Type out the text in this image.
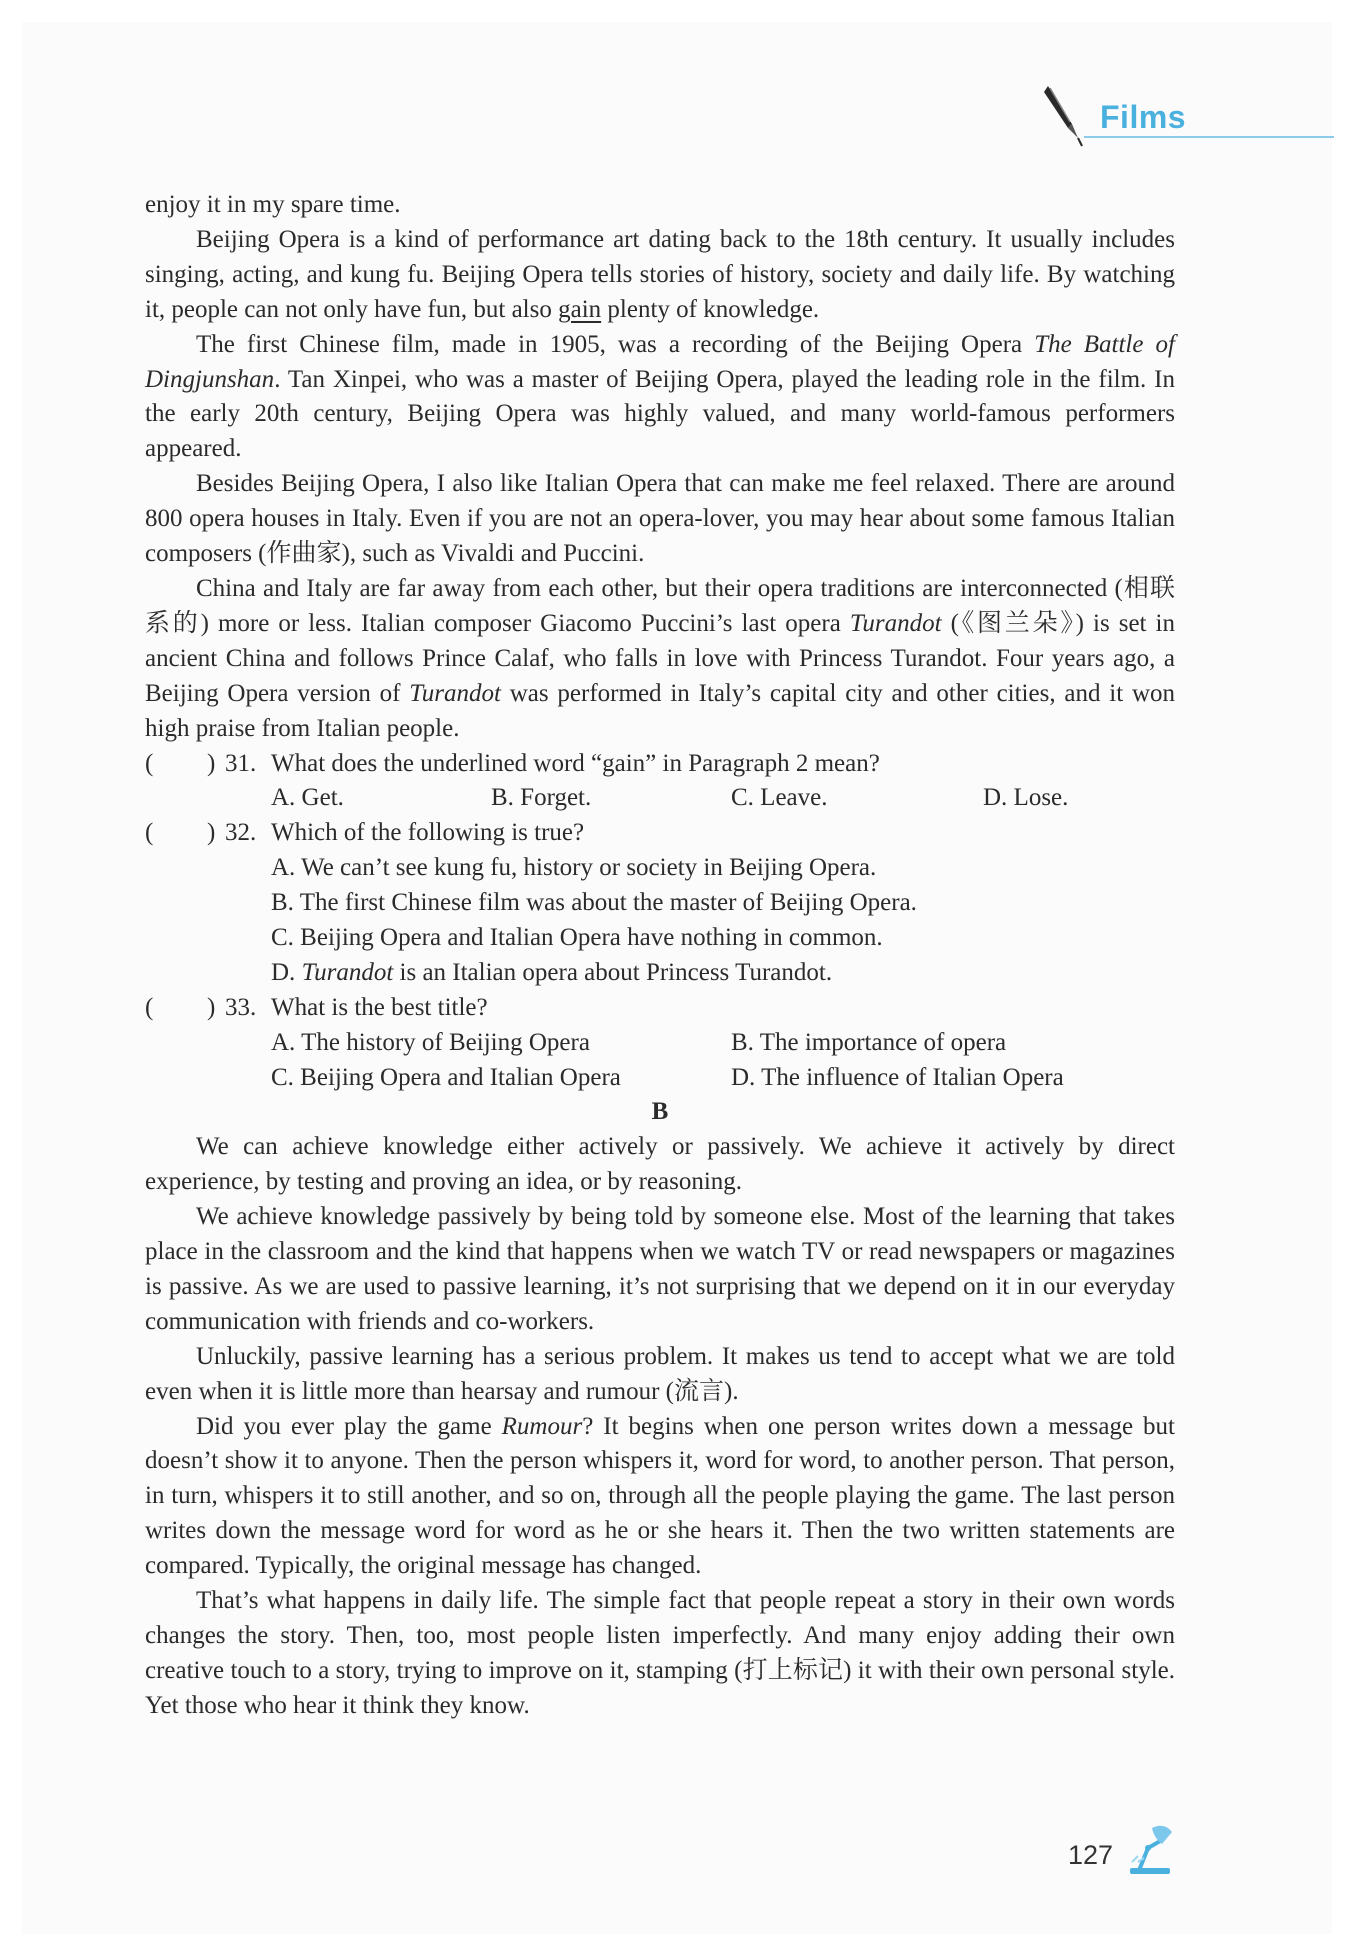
Films

enjoy it in my spare time.

Beijing Opera is a kind of performance art dating back to the 18th century. It usually includes singing, acting, and kung fu. Beijing Opera tells stories of history, society and daily life. By watching it, people can not only have fun, but also gain plenty of knowledge.

The first Chinese film, made in 1905, was a recording of the Beijing Opera The Battle of Dingjunshan. Tan Xinpei, who was a master of Beijing Opera, played the leading role in the film. In the early 20th century, Beijing Opera was highly valued, and many world-famous performers appeared.

Besides Beijing Opera, I also like Italian Opera that can make me feel relaxed. There are around 800 opera houses in Italy. Even if you are not an opera-lover, you may hear about some famous Italian composers (作曲家), such as Vivaldi and Puccini.

China and Italy are far away from each other, but their opera traditions are interconnected (相联系的) more or less. Italian composer Giacomo Puccini’s last opera Turandot (《图兰朵》) is set in ancient China and follows Prince Calaf, who falls in love with Princess Turandot. Four years ago, a Beijing Opera version of Turandot was performed in Italy’s capital city and other cities, and it won high praise from Italian people.

( ) 31. What does the underlined word “gain” in Paragraph 2 mean?
A. Get.	B. Forget.	C. Leave.	D. Lose.
( ) 32. Which of the following is true?
A. We can’t see kung fu, history or society in Beijing Opera.
B. The first Chinese film was about the master of Beijing Opera.
C. Beijing Opera and Italian Opera have nothing in common.
D. Turandot is an Italian opera about Princess Turandot.
( ) 33. What is the best title?
A. The history of Beijing Opera	B. The importance of opera
C. Beijing Opera and Italian Opera	D. The influence of Italian Opera
B

We can achieve knowledge either actively or passively. We achieve it actively by direct experience, by testing and proving an idea, or by reasoning.

We achieve knowledge passively by being told by someone else. Most of the learning that takes place in the classroom and the kind that happens when we watch TV or read newspapers or magazines is passive. As we are used to passive learning, it’s not surprising that we depend on it in our everyday communication with friends and co-workers.

Unluckily, passive learning has a serious problem. It makes us tend to accept what we are told even when it is little more than hearsay and rumour (流言).

Did you ever play the game Rumour? It begins when one person writes down a message but doesn’t show it to anyone. Then the person whispers it, word for word, to another person. That person, in turn, whispers it to still another, and so on, through all the people playing the game. The last person writes down the message word for word as he or she hears it. Then the two written statements are compared. Typically, the original message has changed.

That’s what happens in daily life. The simple fact that people repeat a story in their own words changes the story. Then, too, most people listen imperfectly. And many enjoy adding their own creative touch to a story, trying to improve on it, stamping (打上标记) it with their own personal style. Yet those who hear it think they know.

127
